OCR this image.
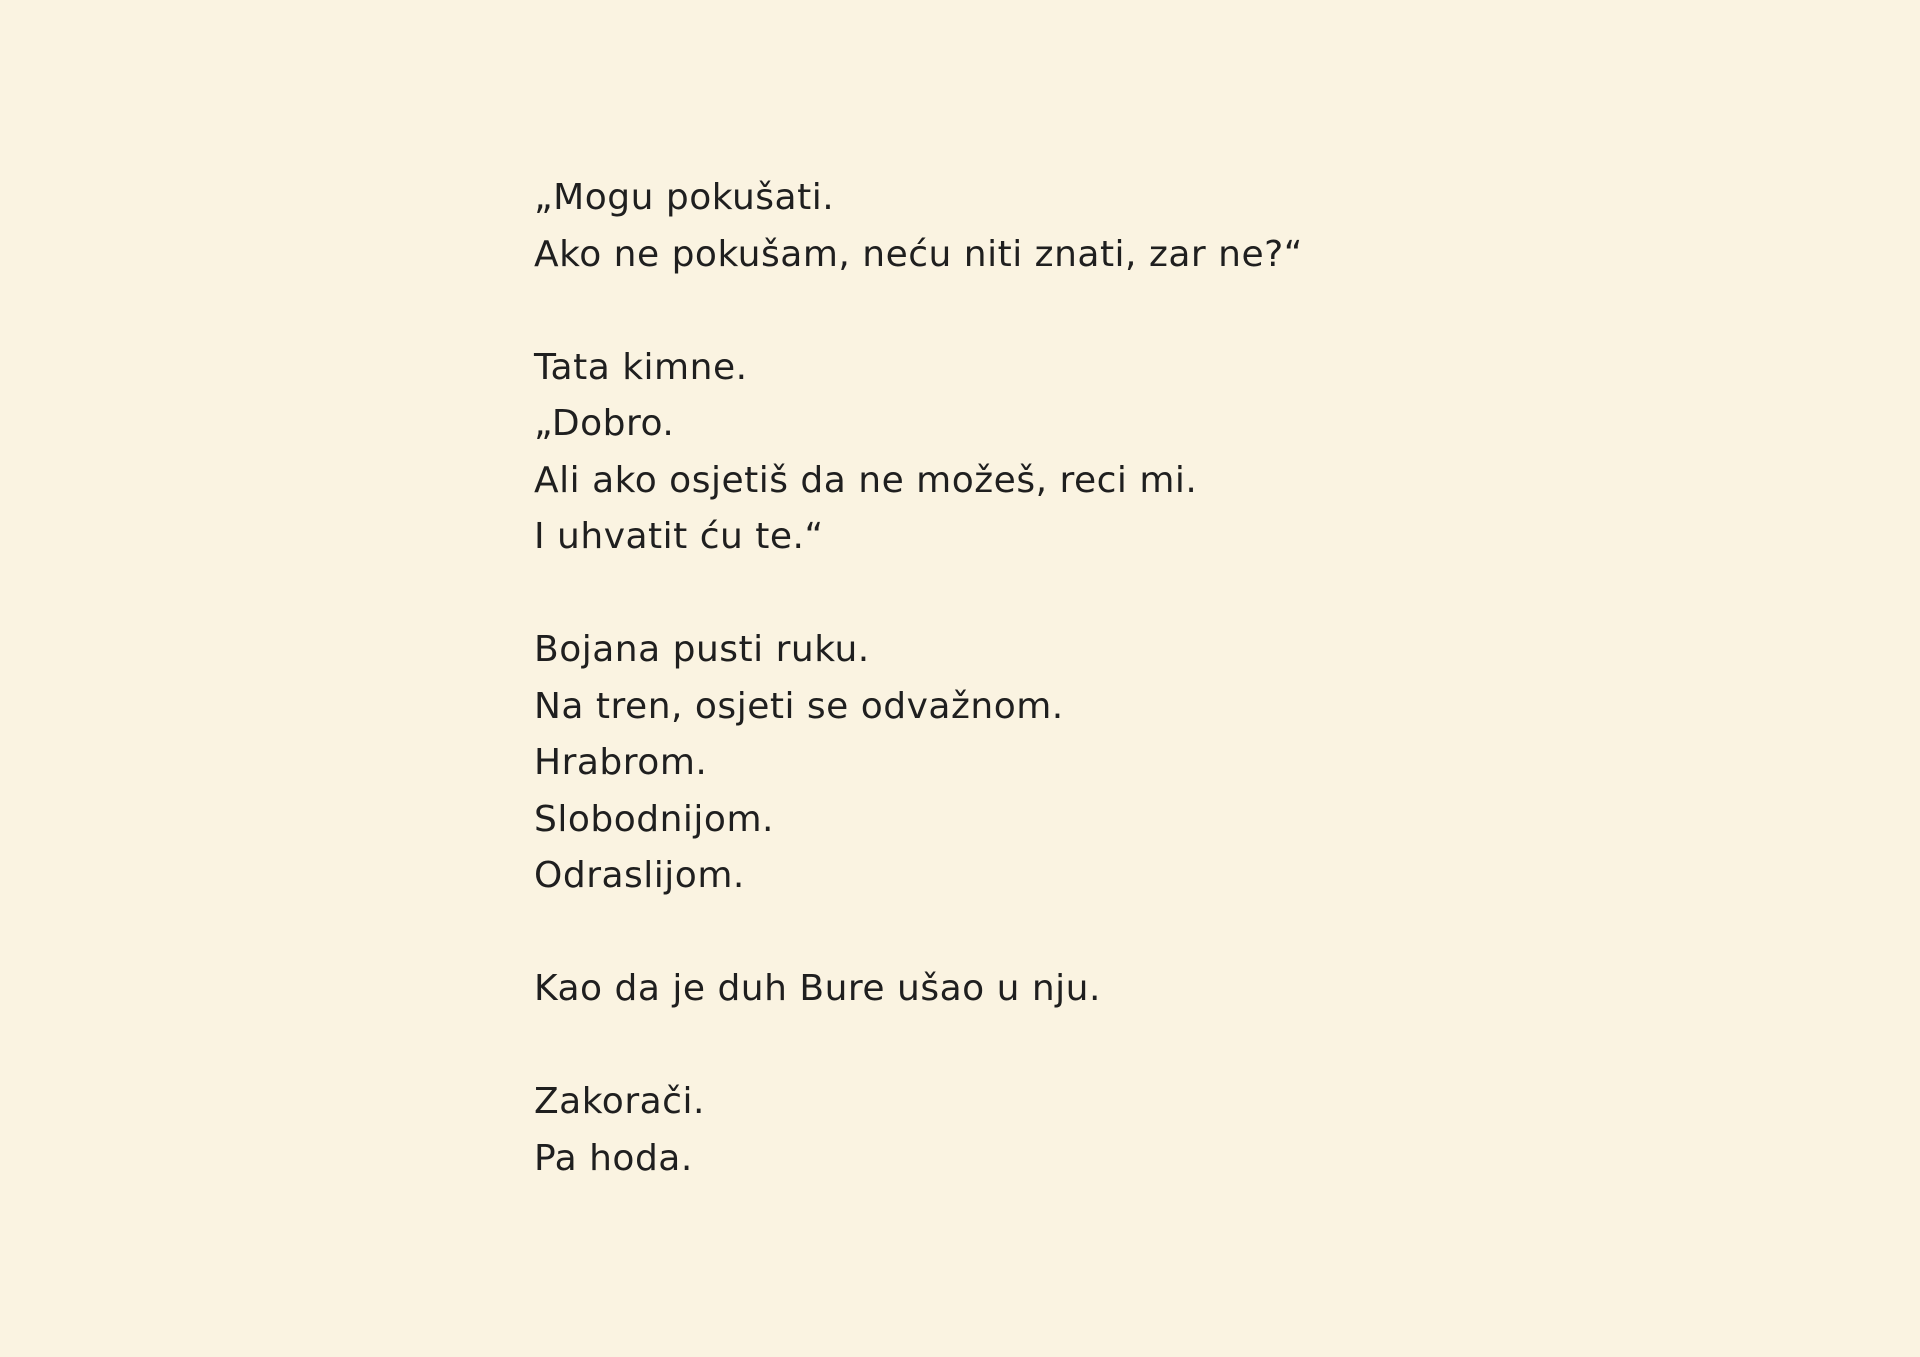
„Mogu pokušati.
Ako ne pokušam, neću niti znati, zar ne?“
Tata kimne.
„Dobro.
Ali ako osjetiš da ne možeš, reci mi.
I uhvatit ću te.“
Bojana pusti ruku.
Na tren, osjeti se odvažnom.
Hrabrom.
Slobodnijom.
Odraslijom.
Kao da je duh Bure ušao u nju.
Zakorači.
Pa hoda.
